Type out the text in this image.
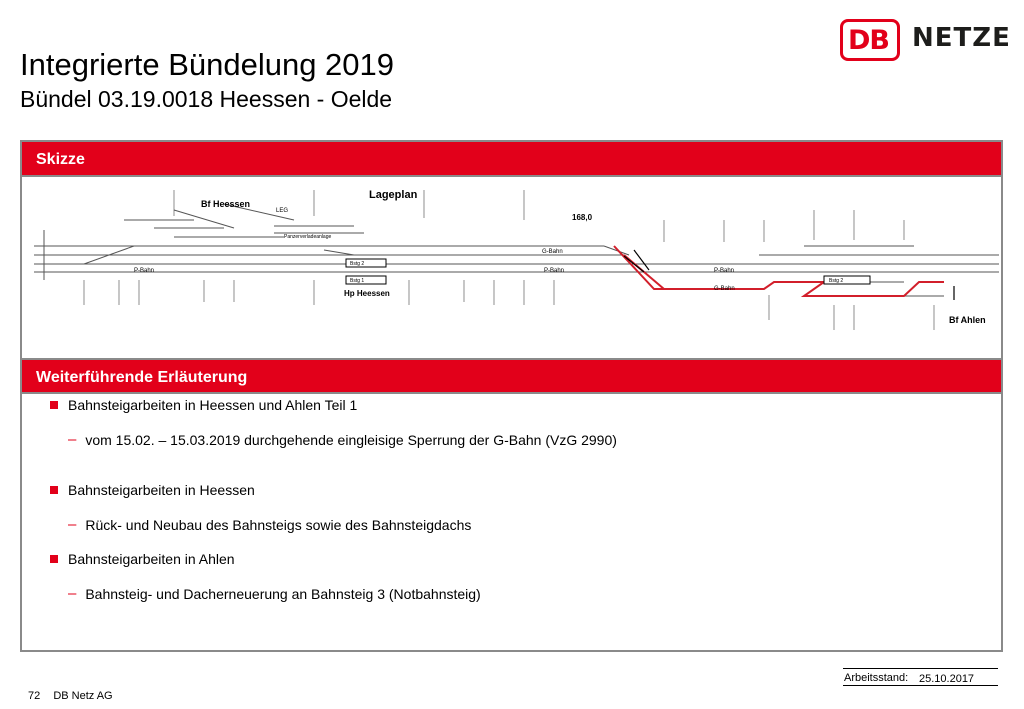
Integrierte Bündelung 2019
Bündel 03.19.0018 Heessen - Oelde
DB NETZE
Skizze
Lageplan
Bf Heessen
Hp Heessen
Bf Ahlen
168,0
G-Bahn
P-Bahn	P-Bahn
G-Bahn
P-Bahn
Bstg 2
Bstg 1	Bstg 2
LEG
Panzerverladeanlage
Weiterführende Erläuterung
Bahnsteigarbeiten in Heessen und Ahlen Teil 1
– vom 15.02. – 15.03.2019 durchgehende eingleisige Sperrung der G-Bahn (VzG 2990)
Bahnsteigarbeiten in Heessen
– Rück- und Neubau des Bahnsteigs sowie des Bahnsteigdachs
Bahnsteigarbeiten in Ahlen
– Bahnsteig- und Dacherneuerung an Bahnsteig 3 (Notbahnsteig)
Arbeitsstand: 25.10.2017
72 DB Netz AG
